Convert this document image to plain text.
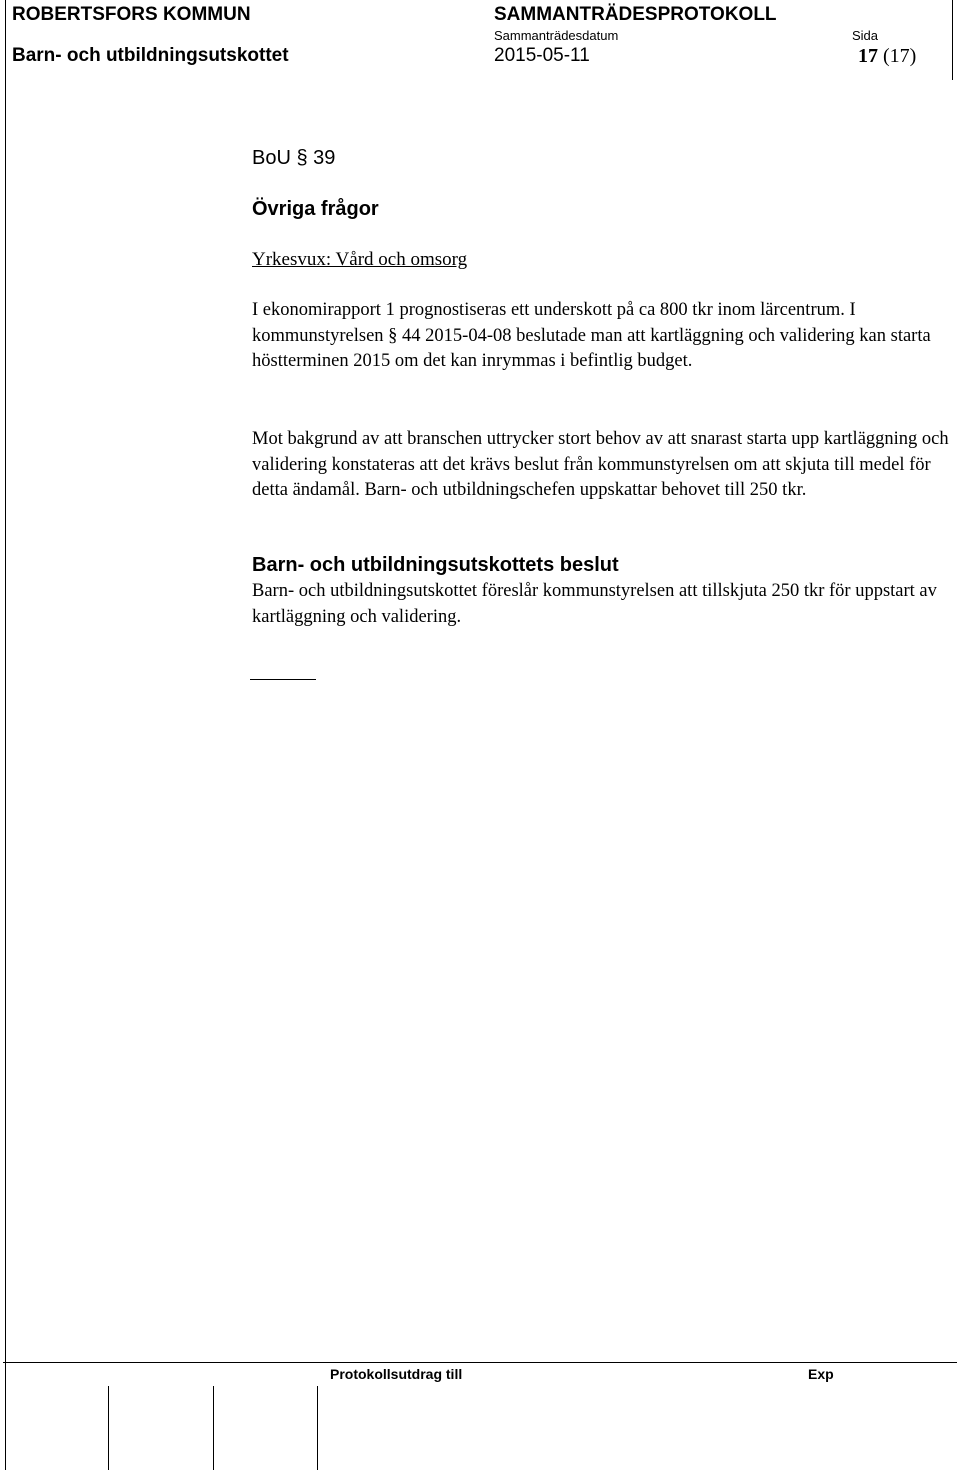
ROBERTSFORS KOMMUN	SAMMANTRÄDESPROTOKOLL
Sammanträdesdatum	Sida
Barn- och utbildningsutskottet	2015-05-11	17 (17)
BoU § 39
Övriga frågor
Yrkesvux: Vård och omsorg
I ekonomirapport 1 prognostiseras ett underskott på ca 800 tkr inom lärcentrum. I kommunstyrelsen § 44 2015-04-08 beslutade man att kartläggning och validering kan starta höstterminen 2015 om det kan inrymmas i befintlig budget.
Mot bakgrund av att branschen uttrycker stort behov av att snarast starta upp kartläggning och validering konstateras att det krävs beslut från kommunstyrelsen om att skjuta till medel för detta ändamål. Barn- och utbildningschefen uppskattar behovet till 250 tkr.
Barn- och utbildningsutskottets beslut
Barn- och utbildningsutskottet föreslår kommunstyrelsen att tillskjuta 250 tkr för uppstart av kartläggning och validering.
Protokollsutdrag till	Exp
